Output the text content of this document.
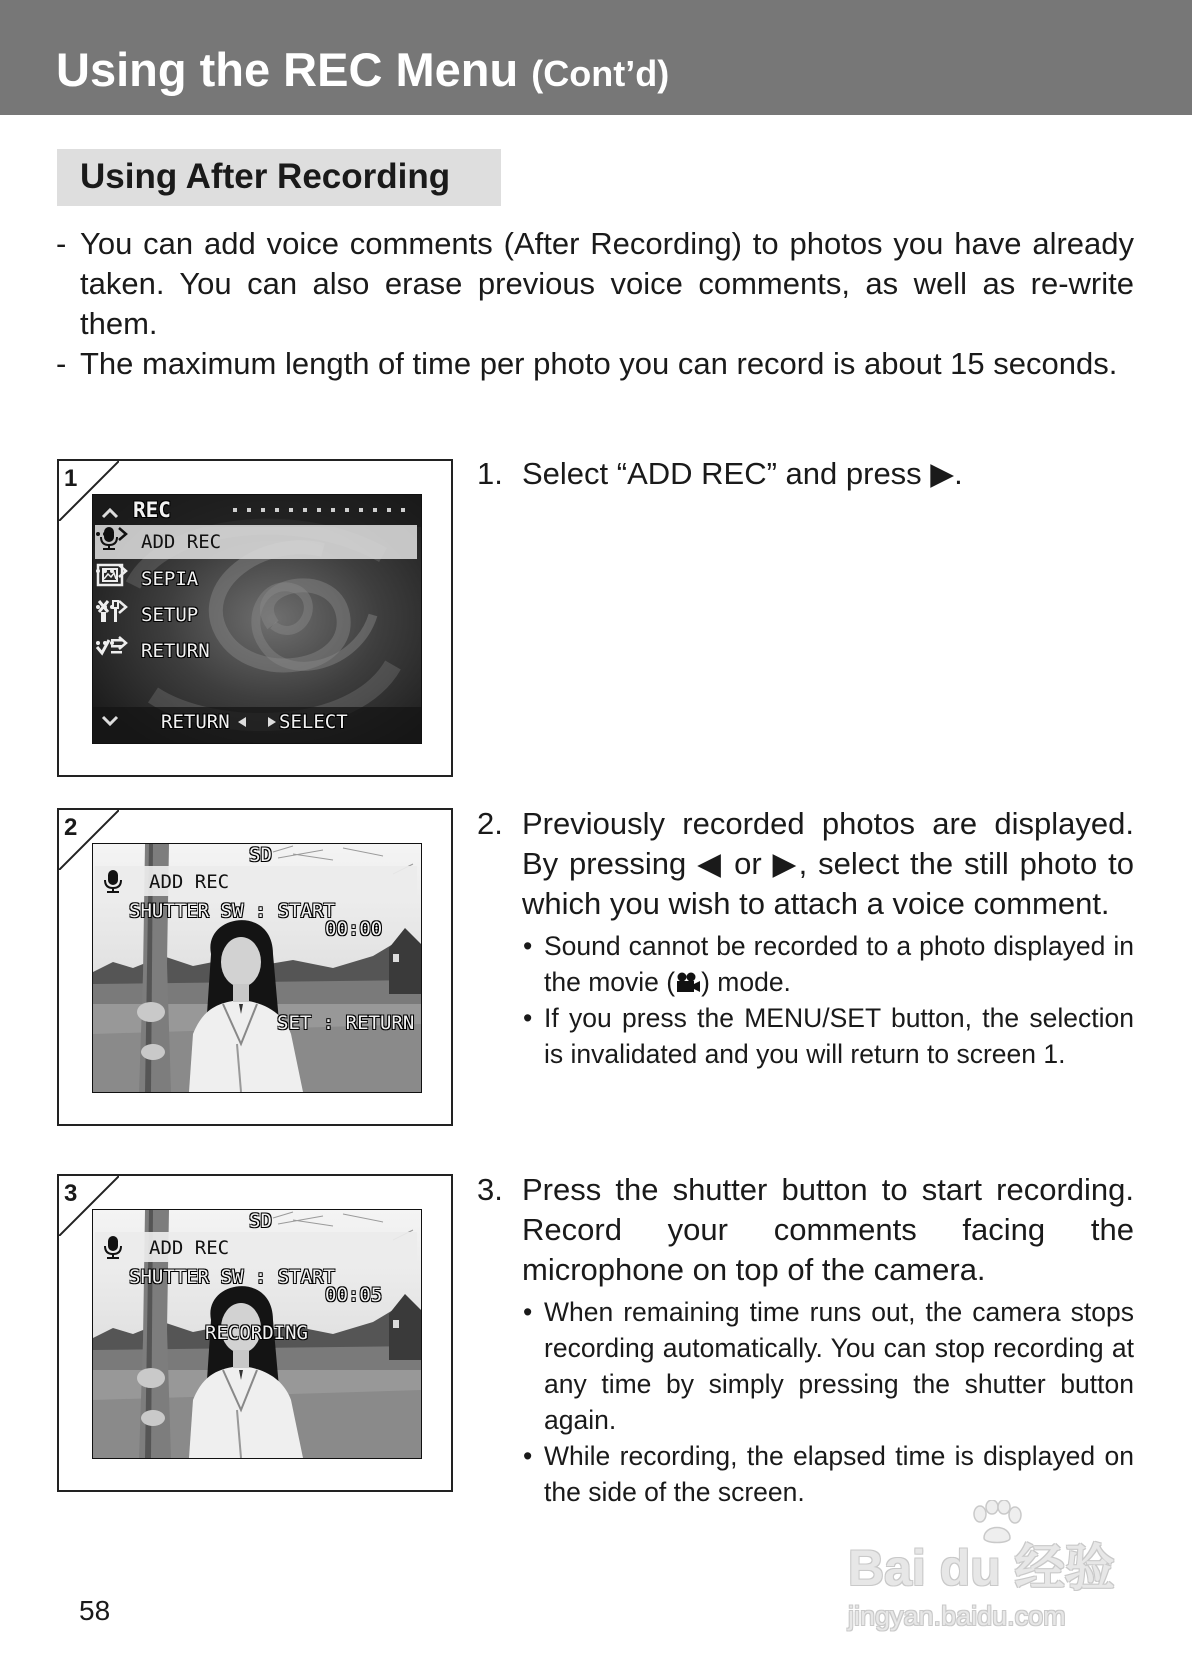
Using the REC Menu (Cont’d)
Using After Recording
- You can add voice comments (After Recording) to photos you have already taken. You can also erase previous voice comments, as well as re-write them.
- The maximum length of time per photo you can record is about 15 seconds.
1
REC
ADD REC
SEPIA
SETUP
RETURN
RETURN	SELECT
2
SD
ADD REC
SHUTTER SW : START
00:00
SET : RETURN
3
SD
ADD REC
SHUTTER SW : START
00:05
RECORDING
1. Select “ADD REC” and press ▶.
2. Previously recorded photos are displayed. By pressing ◀ or ▶, select the still photo to which you wish to attach a voice comment.
• Sound cannot be recorded to a photo displayed in the movie ( ) mode.
• If you press the MENU/SET button, the selection is invalidated and you will return to screen 1.
3. Press the shutter button to start recording. Record your comments facing the microphone on top of the camera.
• When remaining time runs out, the camera stops recording automatically. You can stop recording at any time by simply pressing the shutter button again.
• While recording, the elapsed time is displayed on the side of the screen.
58
Bai du 经验
jingyan.baidu.com
